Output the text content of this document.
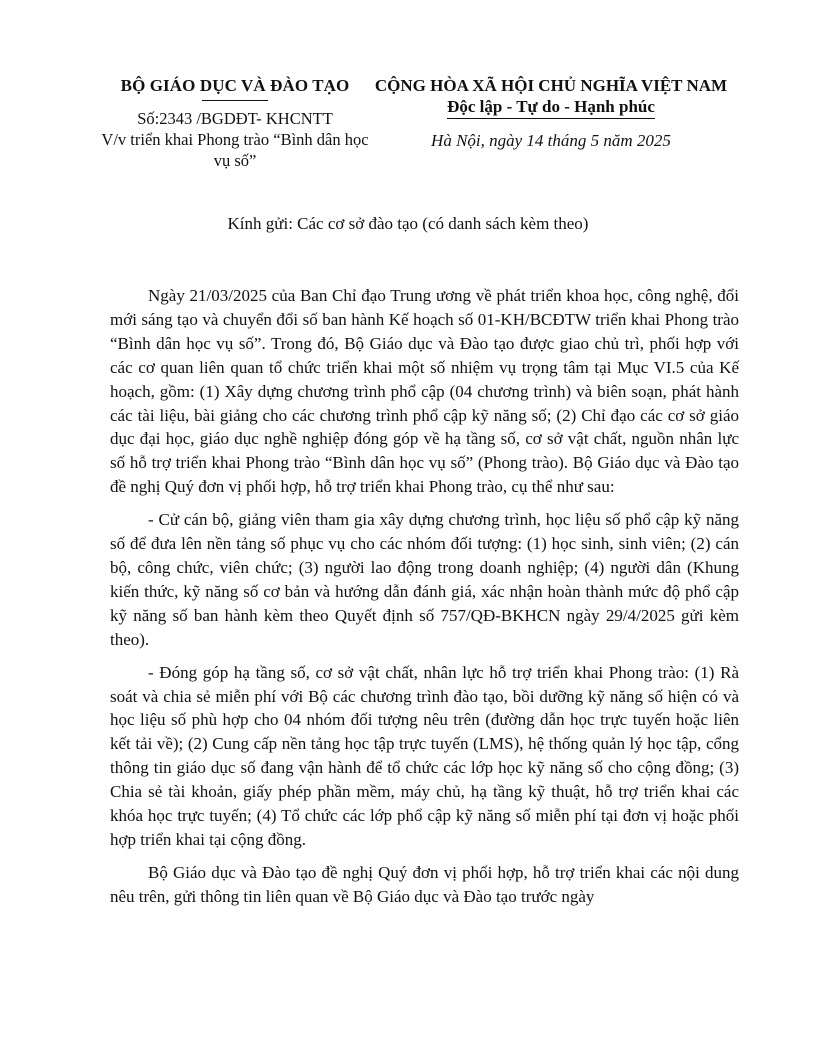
BỘ GIÁO DỤC VÀ ĐÀO TẠO
Số:2343 /BGDĐT- KHCNTT
V/v triển khai Phong trào “Bình dân học vụ số”
CỘNG HÒA XÃ HỘI CHỦ NGHĨA VIỆT NAM
Độc lập - Tự do - Hạnh phúc
Hà Nội, ngày 14 tháng 5 năm 2025
Kính gửi: Các cơ sở đào tạo (có danh sách kèm theo)

Ngày 21/03/2025 của Ban Chỉ đạo Trung ương về phát triển khoa học, công nghệ, đổi mới sáng tạo và chuyển đổi số ban hành Kế hoạch số 01-KH/BCĐTW triển khai Phong trào “Bình dân học vụ số”. Trong đó, Bộ Giáo dục và Đào tạo được giao chủ trì, phối hợp với các cơ quan liên quan tổ chức triển khai một số nhiệm vụ trọng tâm tại Mục VI.5 của Kế hoạch, gồm: (1) Xây dựng chương trình phổ cập (04 chương trình) và biên soạn, phát hành các tài liệu, bài giảng cho các chương trình phổ cập kỹ năng số; (2) Chỉ đạo các cơ sở giáo dục đại học, giáo dục nghề nghiệp đóng góp về hạ tầng số, cơ sở vật chất, nguồn nhân lực số hỗ trợ triển khai Phong trào “Bình dân học vụ số” (Phong trào). Bộ Giáo dục và Đào tạo đề nghị Quý đơn vị phối hợp, hỗ trợ triển khai Phong trào, cụ thể như sau:

- Cử cán bộ, giảng viên tham gia xây dựng chương trình, học liệu số phổ cập kỹ năng số để đưa lên nền tảng số phục vụ cho các nhóm đối tượng: (1) học sinh, sinh viên; (2) cán bộ, công chức, viên chức; (3) người lao động trong doanh nghiệp; (4) người dân (Khung kiến thức, kỹ năng số cơ bản và hướng dẫn đánh giá, xác nhận hoàn thành mức độ phổ cập kỹ năng số ban hành kèm theo Quyết định số 757/QĐ-BKHCN ngày 29/4/2025 gửi kèm theo).

- Đóng góp hạ tầng số, cơ sở vật chất, nhân lực hỗ trợ triển khai Phong trào: (1) Rà soát và chia sẻ miễn phí với Bộ các chương trình đào tạo, bồi dưỡng kỹ năng số hiện có và học liệu số phù hợp cho 04 nhóm đối tượng nêu trên (đường dẫn học trực tuyến hoặc liên kết tải về); (2) Cung cấp nền tảng học tập trực tuyến (LMS), hệ thống quản lý học tập, cổng thông tin giáo dục số đang vận hành để tổ chức các lớp học kỹ năng số cho cộng đồng; (3) Chia sẻ tài khoản, giấy phép phần mềm, máy chủ, hạ tầng kỹ thuật, hỗ trợ triển khai các khóa học trực tuyến; (4) Tổ chức các lớp phổ cập kỹ năng số miễn phí tại đơn vị hoặc phối hợp triển khai tại cộng đồng.

Bộ Giáo dục và Đào tạo đề nghị Quý đơn vị phối hợp, hỗ trợ triển khai các nội dung nêu trên, gửi thông tin liên quan về Bộ Giáo dục và Đào tạo trước ngày
